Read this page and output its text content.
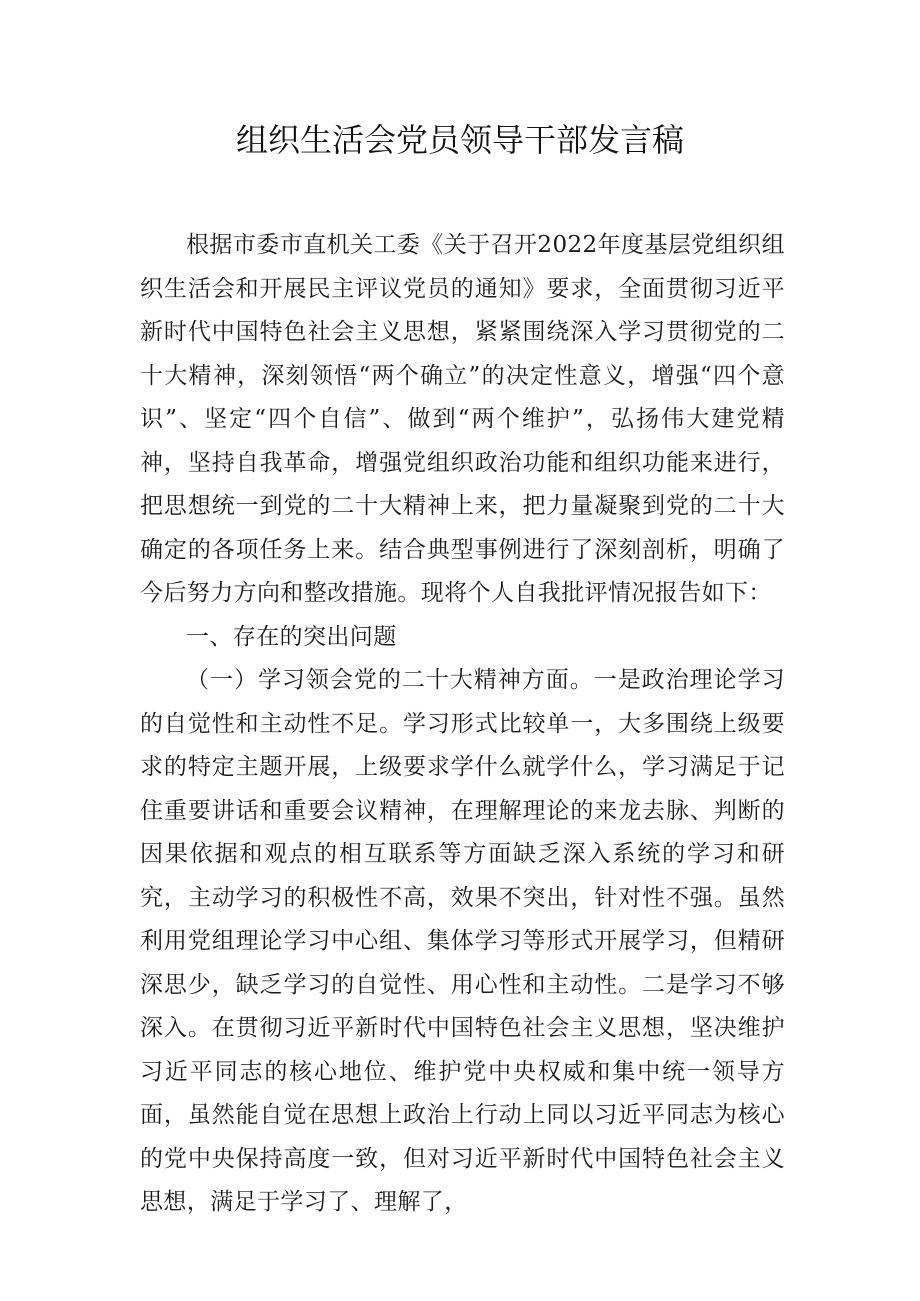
组织生活会党员领导干部发言稿

根据市委市直机关工委《关于召开2022年度基层党组织组织生活会和开展民主评议党员的通知》要求，全面贯彻习近平新时代中国特色社会主义思想，紧紧围绕深入学习贯彻党的二十大精神，深刻领悟“两个确立”的决定性意义，增强“四个意识”、坚定“四个自信”、做到“两个维护”，弘扬伟大建党精神，坚持自我革命，增强党组织政治功能和组织功能来进行，把思想统一到党的二十大精神上来，把力量凝聚到党的二十大确定的各项任务上来。结合典型事例进行了深刻剖析，明确了今后努力方向和整改措施。现将个人自我批评情况报告如下：

一、存在的突出问题

（一）学习领会党的二十大精神方面。一是政治理论学习的自觉性和主动性不足。学习形式比较单一，大多围绕上级要求的特定主题开展，上级要求学什么就学什么，学习满足于记住重要讲话和重要会议精神，在理解理论的来龙去脉、判断的因果依据和观点的相互联系等方面缺乏深入系统的学习和研究，主动学习的积极性不高，效果不突出，针对性不强。虽然利用党组理论学习中心组、集体学习等形式开展学习，但精研深思少，缺乏学习的自觉性、用心性和主动性。二是学习不够深入。在贯彻习近平新时代中国特色社会主义思想，坚决维护习近平同志的核心地位、维护党中央权威和集中统一领导方面，虽然能自觉在思想上政治上行动上同以习近平同志为核心的党中央保持高度一致，但对习近平新时代中国特色社会主义思想，满足于学习了、理解了，
